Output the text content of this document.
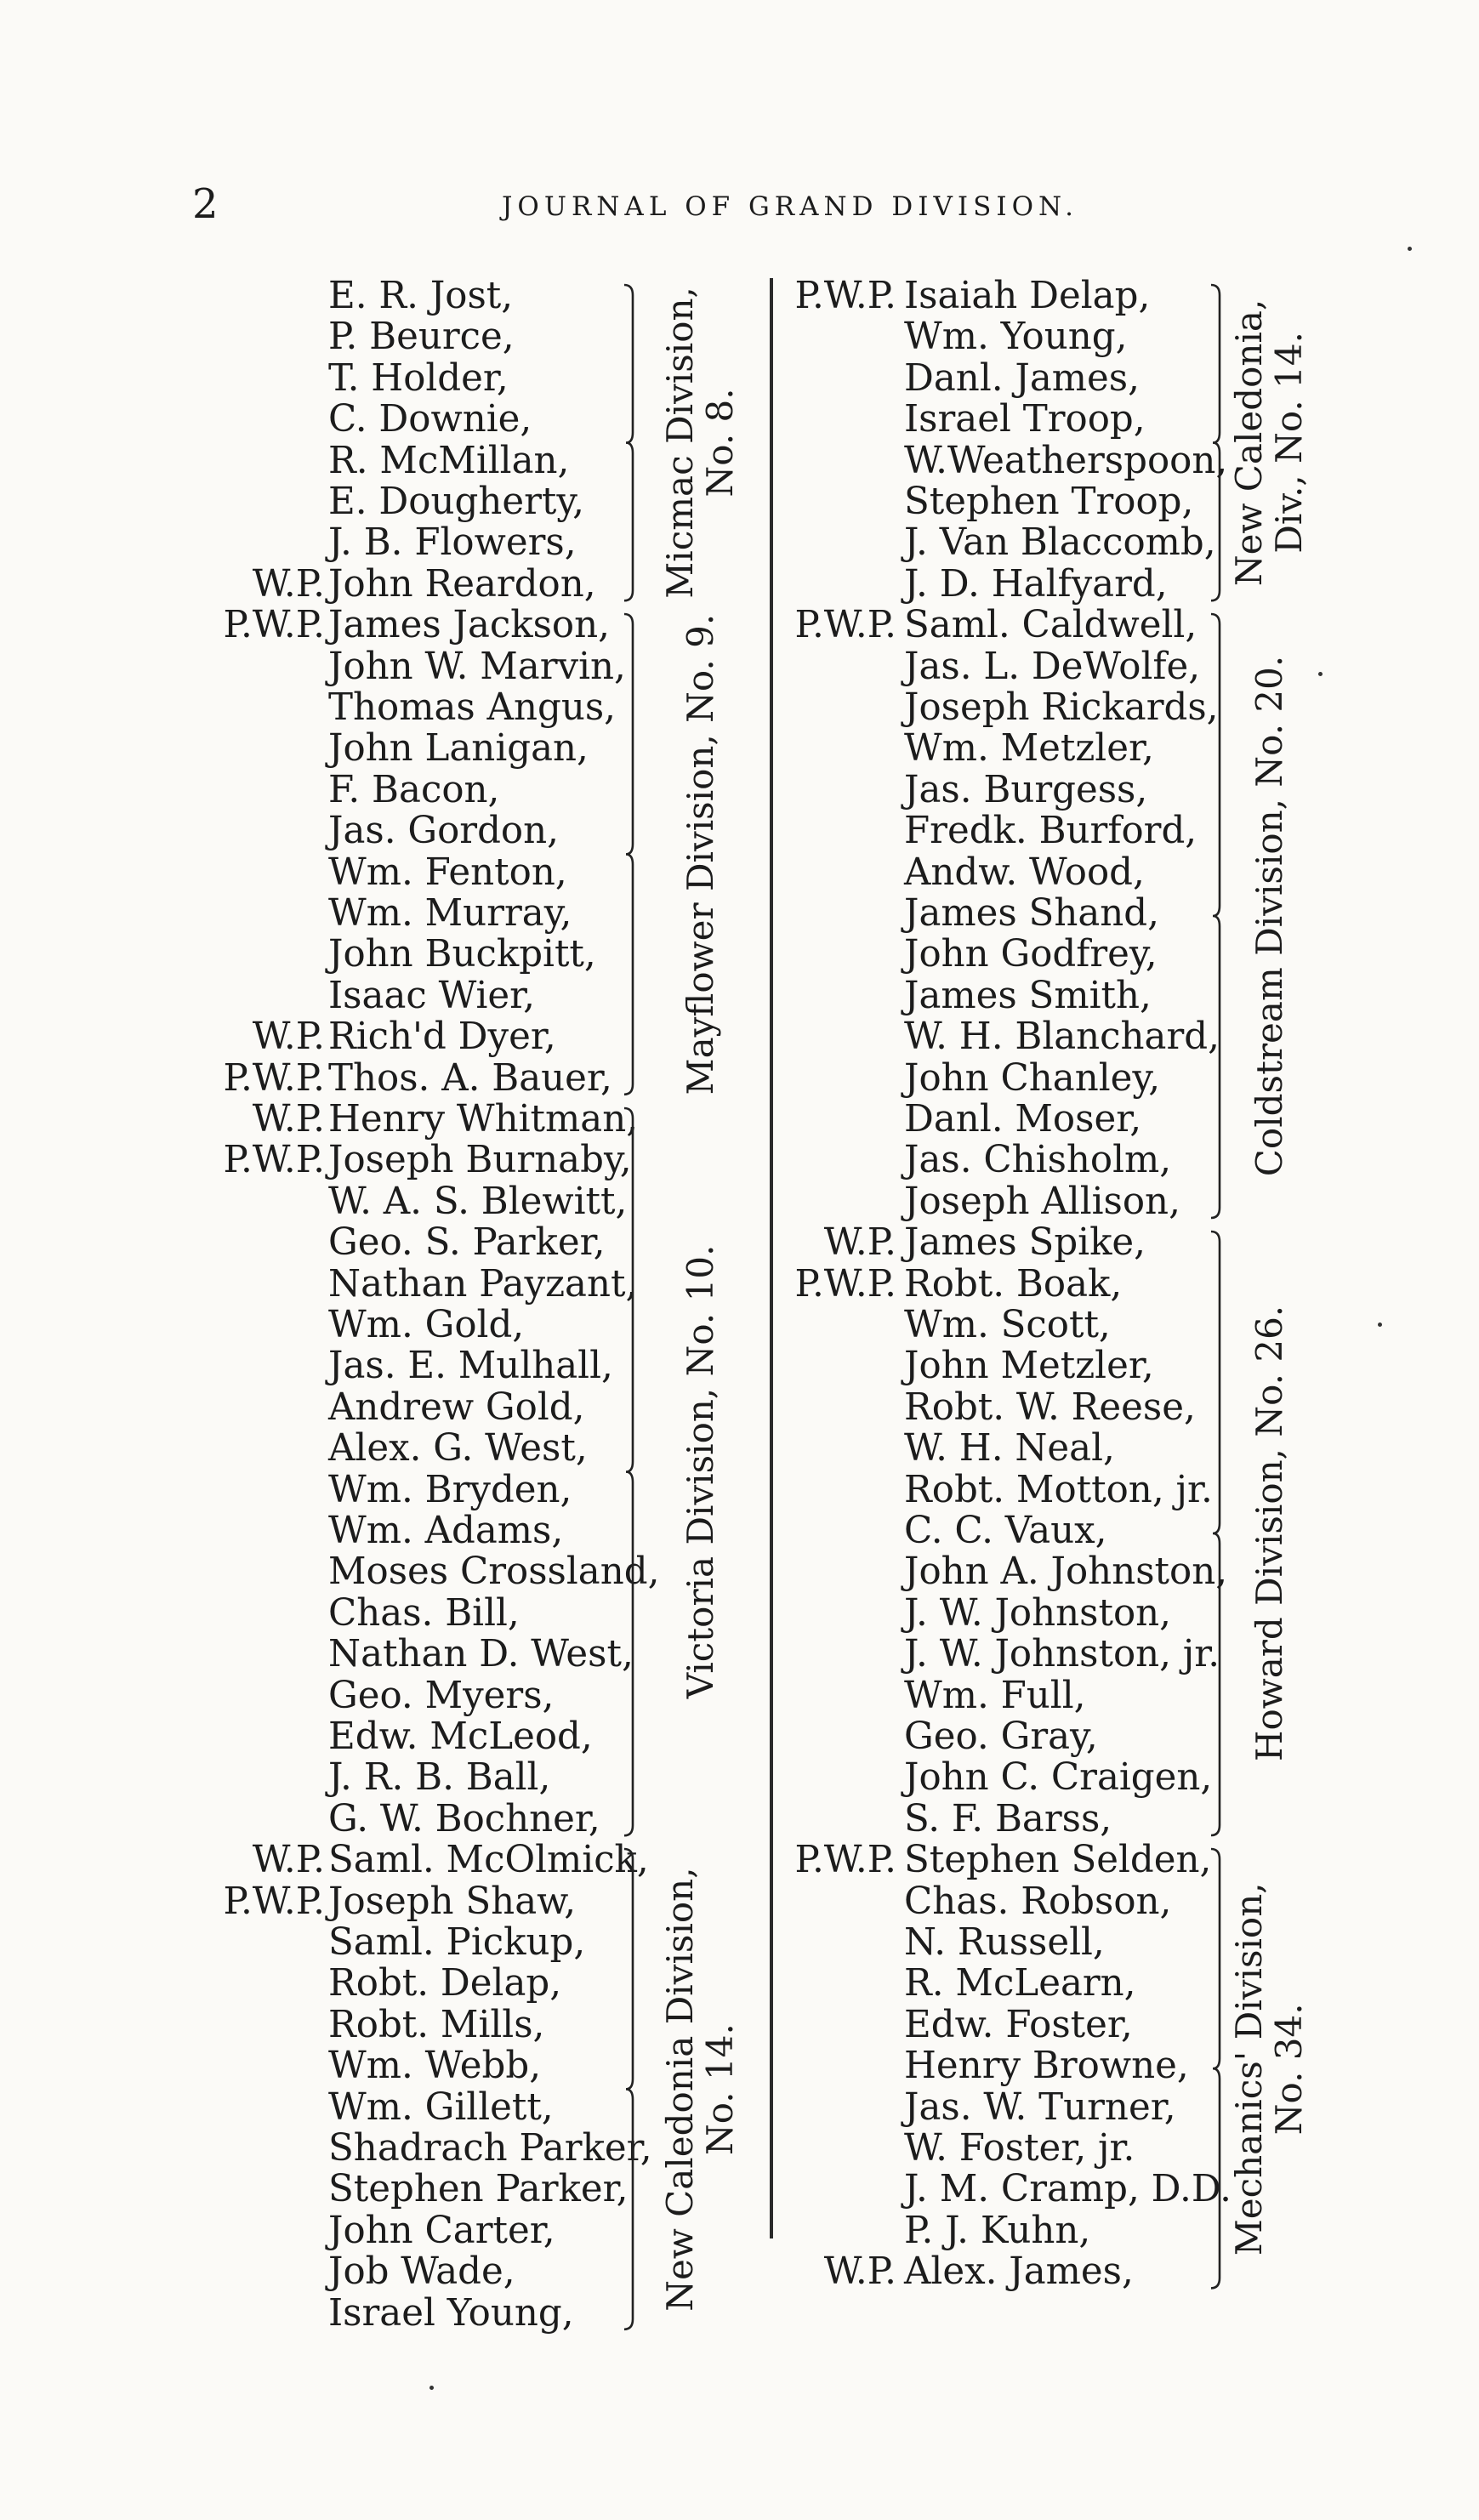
2	JOURNAL OF GRAND DIVISION.
E. R. Jost,
P. Beurce,
T. Holder,
C. Downie,
R. McMillan,
E. Dougherty,
J. B. Flowers,
W.P. John Reardon, Micmac Division,
No. 8.
P.W.P. James Jackson,
John W. Marvin,
Thomas Angus,
John Lanigan,
F. Bacon,
Jas. Gordon,
Wm. Fenton,
Wm. Murray,
John Buckpitt,
Isaac Wier,
W.P. Rich'd Dyer,
P.W.P. Thos. A. Bauer, Mayflower Division, No. 9.
W.P. Henry Whitman,
P.W.P. Joseph Burnaby,
W. A. S. Blewitt,
Geo. S. Parker,
Nathan Payzant,
Wm. Gold,
Jas. E. Mulhall,
Andrew Gold,
Alex. G. West,
Wm. Bryden,
Wm. Adams,
Moses Crossland,
Chas. Bill,
Nathan D. West,
Geo. Myers,
Edw. McLeod,
J. R. B. Ball,
G. W. Bochner,
Victoria Division, No. 10.
W.P. Saml. McOlmick,
P.W.P. Joseph Shaw,
Saml. Pickup,
Robt. Delap,
Robt. Mills,
Wm. Webb,
Wm. Gillett,
Shadrach Parker,
Stephen Parker,
John Carter,
Job Wade,
Israel Young,
New Caledonia Division,
No. 14.
P.W.P. Isaiah Delap,
Wm. Young,
Danl. James,
Israel Troop,
W.Weatherspoon,
Stephen Troop,
J. Van Blaccomb,
J. D. Halfyard, New Caledonia,
Div., No. 14.
P.W.P. Saml. Caldwell,
Jas. L. DeWolfe,
Joseph Rickards,
Wm. Metzler,
Jas. Burgess,
Fredk. Burford,
Andw. Wood,
James Shand,
John Godfrey,
James Smith,
W. H. Blanchard,
John Chanley,
Danl. Moser,
Jas. Chisholm,
Joseph Allison,
Coldstream Division, No. 20.
W.P. James Spike,
P.W.P. Robt. Boak,
Wm. Scott,
John Metzler,
Robt. W. Reese,
W. H. Neal,
Robt. Motton, jr.
C. C. Vaux,
John A. Johnston,
J. W. Johnston,
J. W. Johnston, jr.
Wm. Full,
Geo. Gray,
John C. Craigen,
S. F. Barss,
Howard Division, No. 26.
P.W.P. Stephen Selden,
Chas. Robson,
N. Russell,
R. McLearn,
Edw. Foster,
Henry Browne,
Jas. W. Turner,
W. Foster, jr.
J. M. Cramp, D.D.
P. J. Kuhn,
W.P. Alex. James,
Mechanics' Division,
No. 34.
